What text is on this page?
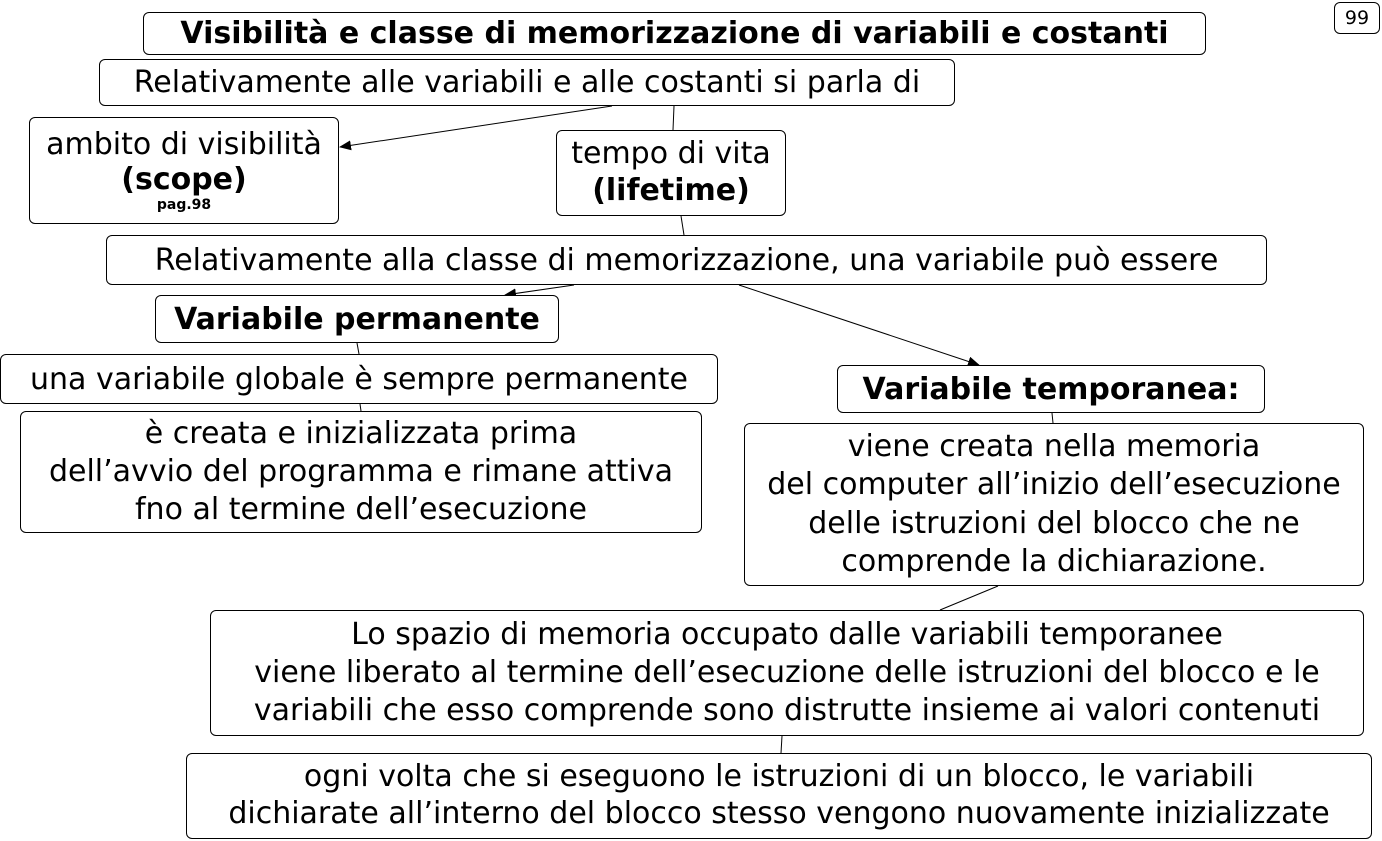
99
Visibilità e classe di memorizzazione di variabili e costanti
Relativamente alle variabili e alle costanti si parla di
ambito di visibilità
(scope)
pag.98
tempo di vita
(lifetime)
Relativamente alla classe di memorizzazione, una variabile può essere
Variabile permanente
una variabile globale è sempre permanente
è creata e inizializzata prima
dell’avvio del programma e rimane attiva
fno al termine dell’esecuzione
Variabile temporanea:
viene creata nella memoria
del computer all’inizio dell’esecuzione
delle istruzioni del blocco che ne
comprende la dichiarazione.
Lo spazio di memoria occupato dalle variabili temporanee
viene liberato al termine dell’esecuzione delle istruzioni del blocco e le
variabili che esso comprende sono distrutte insieme ai valori contenuti
ogni volta che si eseguono le istruzioni di un blocco, le variabili
dichiarate all’interno del blocco stesso vengono nuovamente inizializzate
